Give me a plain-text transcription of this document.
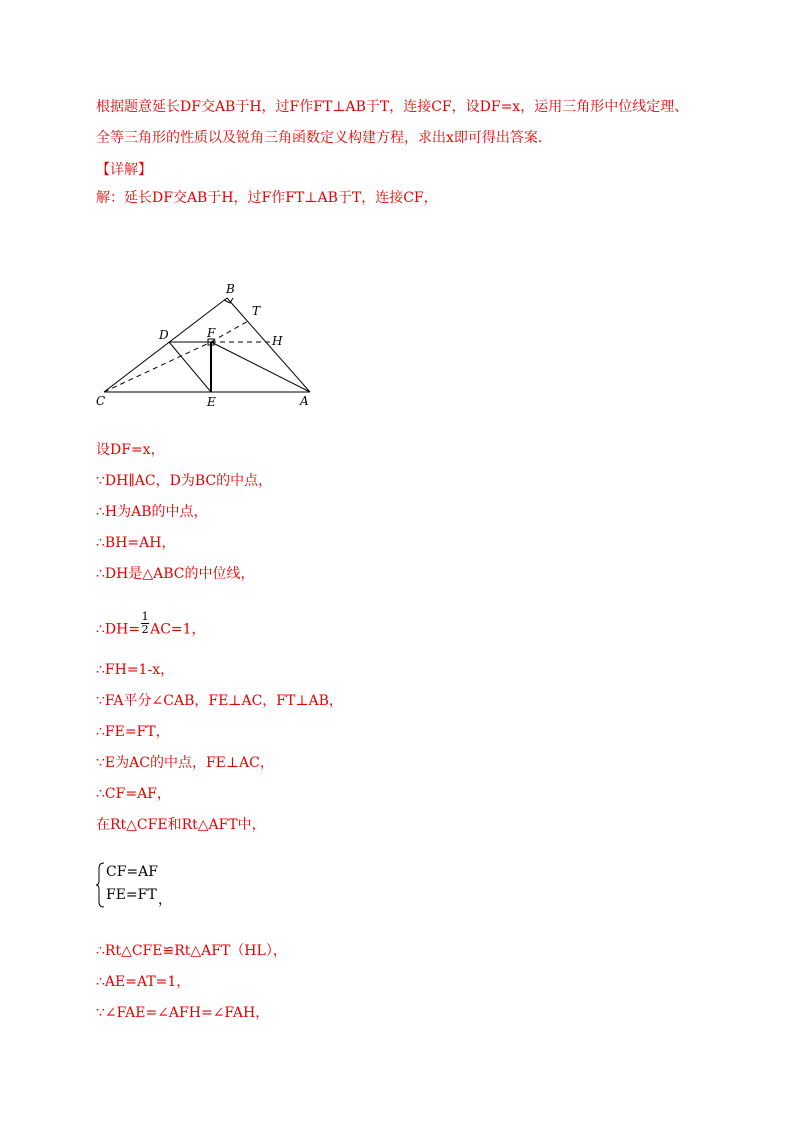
根据题意延长DF交AB于H，过F作FT⊥AB于T，连接CF，设DF=x，运用三角形中位线定理、
全等三角形的性质以及锐角三角函数定义构建方程，求出x即可得出答案.
【详解】
解：延长DF交AB于H，过F作FT⊥AB于T，连接CF，
B
T
D	F
H
C	E	A
设DF=x，
∵DH∥AC，D为BC的中点，
∴H为AB的中点，
∴BH=AH，
∴DH是△ABC的中位线，
∴DH= $\frac{1}{2} AC=1$，
∴FH=1-x，
∵FA平分∠CAB，FE⊥AC，FT⊥AB，
∴FE=FT，
∵E为AC的中点，FE⊥AC，
∴CF=AF，
在Rt△CFE和Rt△AFT中，
CF=AF
FE=FT ，
∴Rt△CFE≌Rt△AFT（HL），
∴AE=AT=1，
∵∠FAE=∠AFH=∠FAH，
